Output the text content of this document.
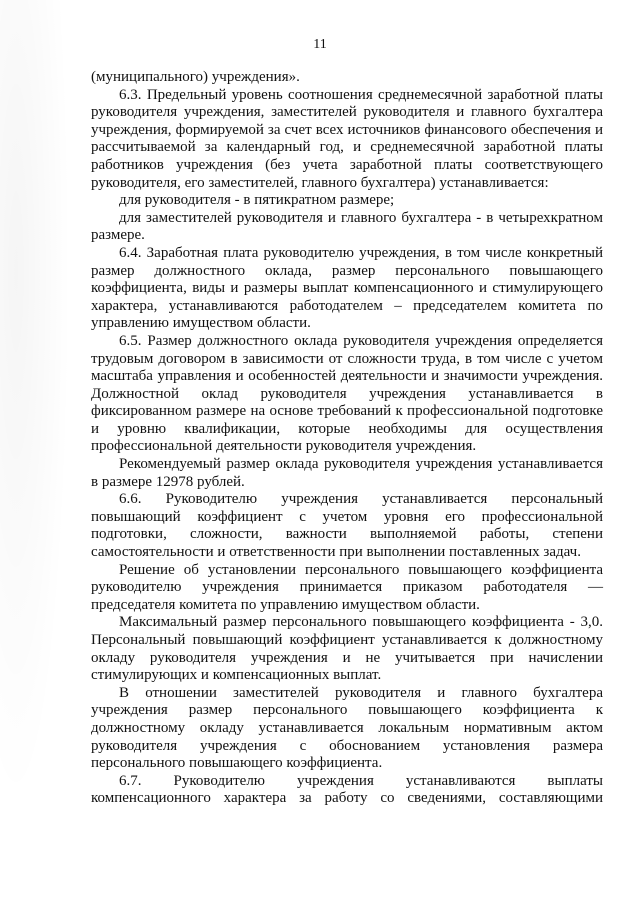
11

(муниципального) учреждения».

6.3. Предельный уровень соотношения среднемесячной заработной платы руководителя учреждения, заместителей руководителя и главного бухгалтера учреждения, формируемой за счет всех источников финансового обеспечения и рассчитываемой за календарный год, и среднемесячной заработной платы работников учреждения (без учета заработной платы соответствующего руководителя, его заместителей, главного бухгалтера) устанавливается:

для руководителя - в пятикратном размере;

для заместителей руководителя и главного бухгалтера - в четырехкратном размере.

6.4. Заработная плата руководителю учреждения, в том числе конкретный размер должностного оклада, размер персонального повышающего коэффициента, виды и размеры выплат компенсационного и стимулирующего характера, устанавливаются работодателем – председателем комитета по управлению имуществом области.

6.5. Размер должностного оклада руководителя учреждения определяется трудовым договором в зависимости от сложности труда, в том числе с учетом масштаба управления и особенностей деятельности и значимости учреждения. Должностной оклад руководителя учреждения устанавливается в фиксированном размере на основе требований к профессиональной подготовке и уровню квалификации, которые необходимы для осуществления профессиональной деятельности руководителя учреждения.

Рекомендуемый размер оклада руководителя учреждения устанавливается в размере 12978 рублей.

6.6. Руководителю учреждения устанавливается персональный повышающий коэффициент с учетом уровня его профессиональной подготовки, сложности, важности выполняемой работы, степени самостоятельности и ответственности при выполнении поставленных задач.

Решение об установлении персонального повышающего коэффициента руководителю учреждения принимается приказом работодателя — председателя комитета по управлению имуществом области.

Максимальный размер персонального повышающего коэффициента - 3,0. Персональный повышающий коэффициент устанавливается к должностному окладу руководителя учреждения и не учитывается при начислении стимулирующих и компенсационных выплат.

В отношении заместителей руководителя и главного бухгалтера учреждения размер персонального повышающего коэффициента к должностному окладу устанавливается локальным нормативным актом руководителя учреждения с обоснованием установления размера персонального повышающего коэффициента.

6.7. Руководителю учреждения устанавливаются выплаты компенсационного характера за работу со сведениями, составляющими
